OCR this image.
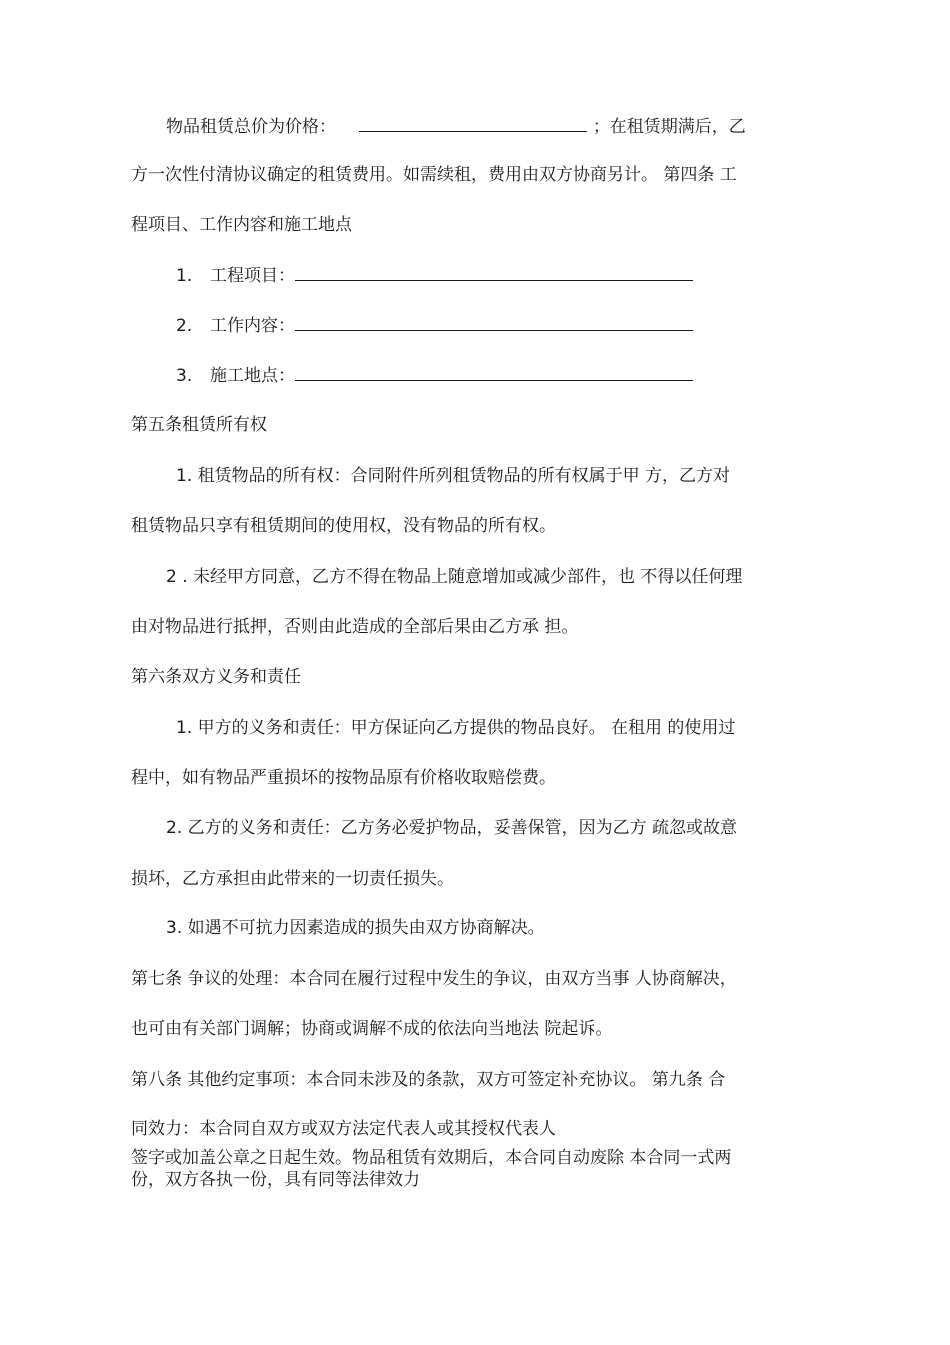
物品租赁总价为价格：	；在租赁期满后，乙
方一次性付清协议确定的租赁费用。如需续租，费用由双方协商另计。 第四条 工
程项目、工作内容和施工地点
1. 工程项目：
2. 工作内容：
3. 施工地点：
第五条租赁所有权
1. 租赁物品的所有权：合同附件所列租赁物品的所有权属于甲 方，乙方对
租赁物品只享有租赁期间的使用权，没有物品的所有权。
2 . 未经甲方同意，乙方不得在物品上随意增加或减少部件，也 不得以任何理
由对物品进行抵押，否则由此造成的全部后果由乙方承 担。
第六条双方义务和责任
1. 甲方的义务和责任：甲方保证向乙方提供的物品良好。 在租用 的使用过
程中，如有物品严重损坏的按物品原有价格收取赔偿费。
2. 乙方的义务和责任：乙方务必爱护物品，妥善保管，因为乙方 疏忽或故意
损坏，乙方承担由此带来的一切责任损失。
3. 如遇不可抗力因素造成的损失由双方协商解决。
第七条 争议的处理：本合同在履行过程中发生的争议，由双方当事 人协商解决，
也可由有关部门调解；协商或调解不成的依法向当地法 院起诉。
第八条 其他约定事项：本合同未涉及的条款，双方可签定补充协议。 第九条 合
同效力：本合同自双方或双方法定代表人或其授权代表人
签字或加盖公章之日起生效。物品租赁有效期后，本合同自动废除 本合同一式两
份，双方各执一份，具有同等法律效力
